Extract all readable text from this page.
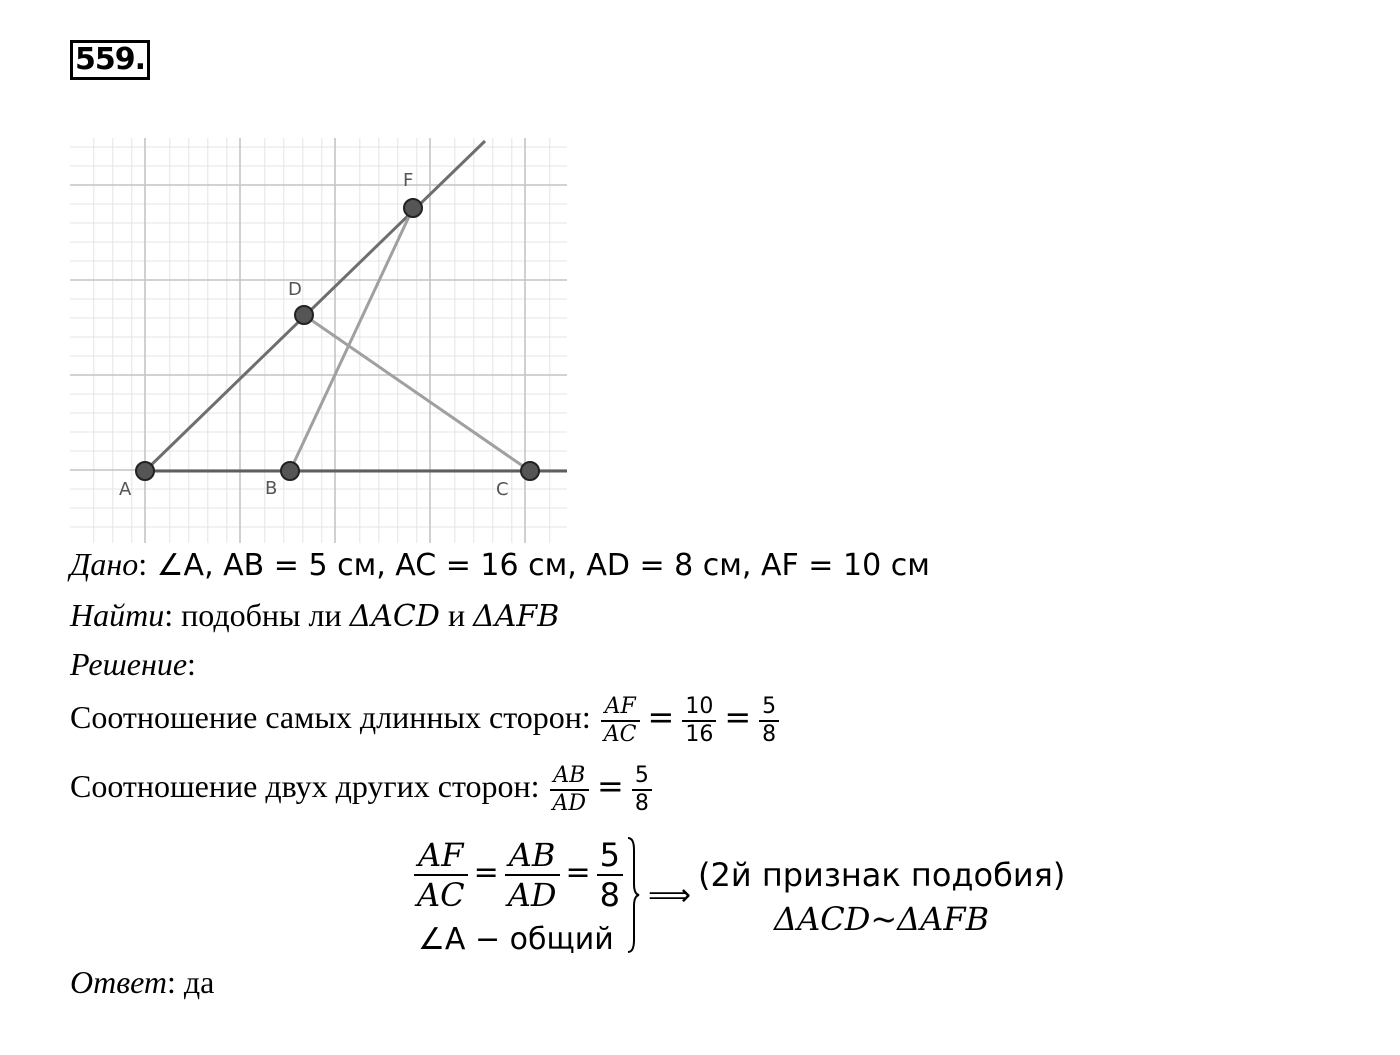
559.
A	B	C
D
F
Дано: ∠A, AB = 5 см, AC = 16 см, AD = 8 см, AF = 10 см
Найти: подобны ли ΔACD и ΔAFB
Решение:
Соотношение самых длинных сторон: $\frac{AF}{AC} = \frac{10}{16} = \frac{5}{8}$
Соотношение двух других сторон: $\frac{AB}{AD} = \frac{5}{8}$
$\frac{AF}{AC} = \frac{AB}{AD} = \frac{5}{8}$
∠A − общий
⟹
(2й признак подобия)
ΔACD~ΔAFB
Ответ: да
